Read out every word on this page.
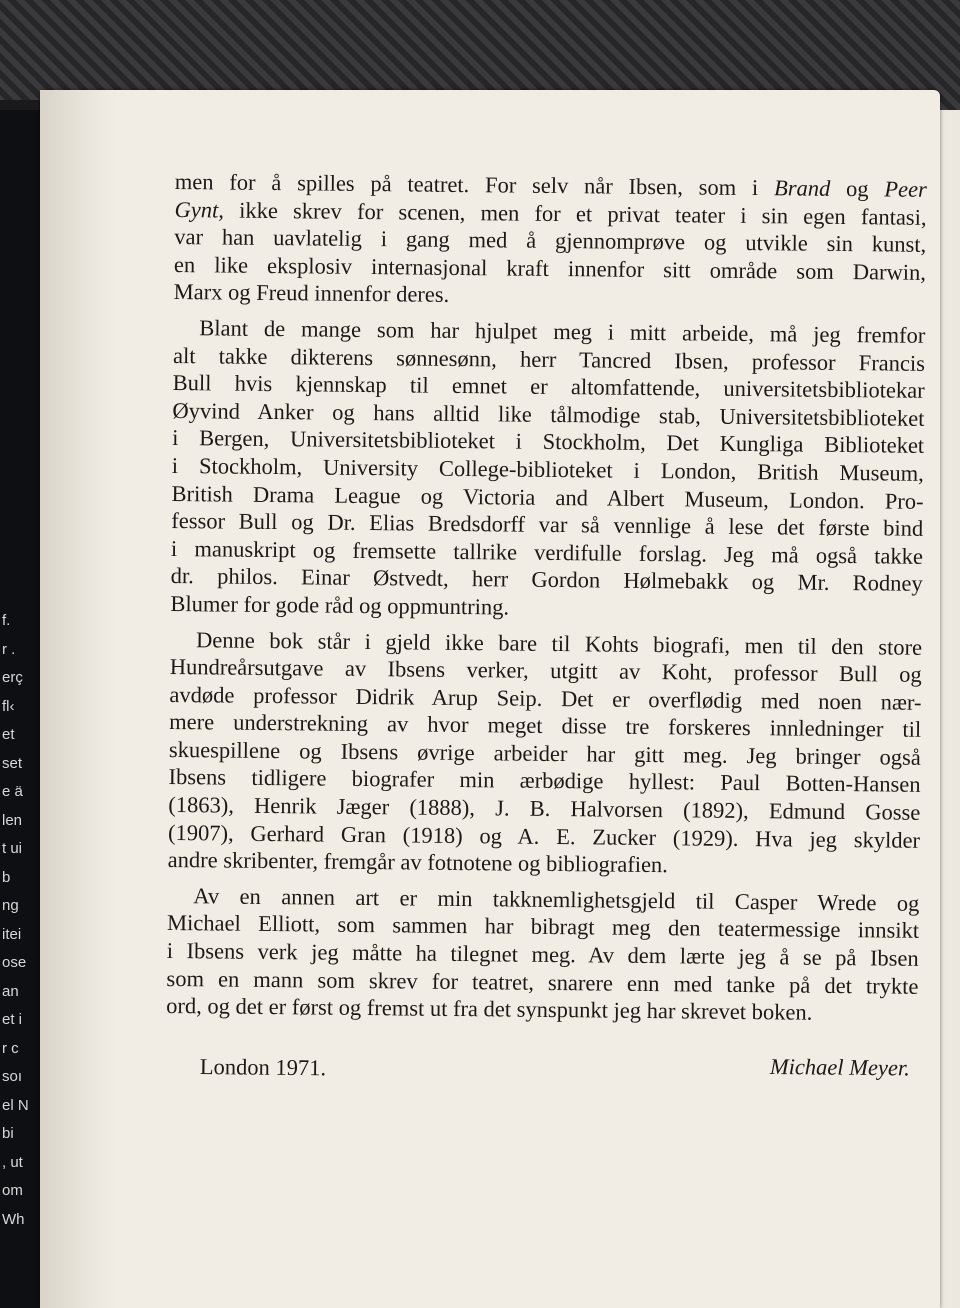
f.
r .
erç
fl‹
et
set
e ä
len
t ui
b
ng
itei
ose
an
et i
r c
soı
el N
bi
, ut
om
Wh
men for å spilles på teatret. For selv når Ibsen, som i Brand og Peer
Gynt, ikke skrev for scenen, men for et privat teater i sin egen fantasi,
var han uavlatelig i gang med å gjennomprøve og utvikle sin kunst,
en like eksplosiv internasjonal kraft innenfor sitt område som Darwin,
Marx og Freud innenfor deres.
Blant de mange som har hjulpet meg i mitt arbeide, må jeg fremfor
alt takke dikterens sønnesønn, herr Tancred Ibsen, professor Francis
Bull hvis kjennskap til emnet er altomfattende, universitetsbibliotekar
Øyvind Anker og hans alltid like tålmodige stab, Universitetsbiblioteket
i Bergen, Universitetsbiblioteket i Stockholm, Det Kungliga Biblioteket
i Stockholm, University College-biblioteket i London, British Museum,
British Drama League og Victoria and Albert Museum, London. Pro-
fessor Bull og Dr. Elias Bredsdorff var så vennlige å lese det første bind
i manuskript og fremsette tallrike verdifulle forslag. Jeg må også takke
dr. philos. Einar Østvedt, herr Gordon Hølmebakk og Mr. Rodney
Blumer for gode råd og oppmuntring.
Denne bok står i gjeld ikke bare til Kohts biografi, men til den store
Hundreårsutgave av Ibsens verker, utgitt av Koht, professor Bull og
avdøde professor Didrik Arup Seip. Det er overflødig med noen nær-
mere understrekning av hvor meget disse tre forskeres innledninger til
skuespillene og Ibsens øvrige arbeider har gitt meg. Jeg bringer også
Ibsens tidligere biografer min ærbødige hyllest: Paul Botten-Hansen
(1863), Henrik Jæger (1888), J. B. Halvorsen (1892), Edmund Gosse
(1907), Gerhard Gran (1918) og A. E. Zucker (1929). Hva jeg skylder
andre skribenter, fremgår av fotnotene og bibliografien.
Av en annen art er min takknemlighetsgjeld til Casper Wrede og
Michael Elliott, som sammen har bibragt meg den teatermessige innsikt
i Ibsens verk jeg måtte ha tilegnet meg. Av dem lærte jeg å se på Ibsen
som en mann som skrev for teatret, snarere enn med tanke på det trykte
ord, og det er først og fremst ut fra det synspunkt jeg har skrevet boken.
London 1971.	Michael Meyer.
